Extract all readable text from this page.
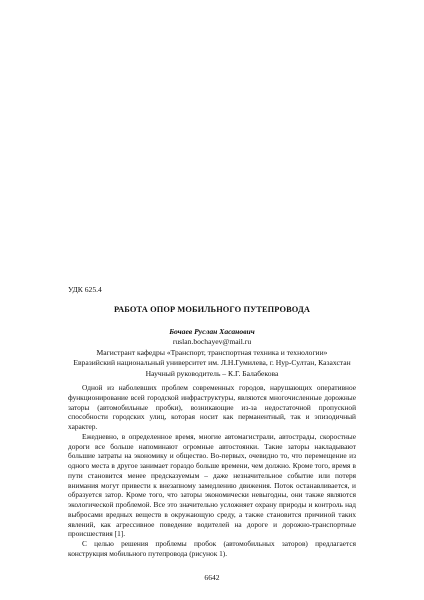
УДК 625.4
РАБОТА ОПОР МОБИЛЬНОГО ПУТЕПРОВОДА
Бочаев Руслан Хасанович
ruslan.bochayev@mail.ru
Магистрант кафедры «Транспорт, транспортная техника и технологии»
Евразийский национальный университет им. Л.Н.Гумилева, г. Нур-Султан, Казахстан
Научный руководитель – К.Г. Балабекова

Одной из наболевших проблем современных городов, нарушающих оперативное функционирование всей городской инфраструктуры, являются многочисленные дорожные заторы (автомобильные пробки), возникающие из-за недостаточной пропускной способности городских улиц, которая носит как перманентный, так и эпизодичный характер.

Ежедневно, в определенное время, многие автомагистрали, автострады, скоростные дороги все больше напоминают огромные автостоянки. Такие заторы накладывают большие затраты на экономику и общество. Во-первых, очевидно то, что перемещение из одного места в другое занимает гораздо больше времени, чем должно. Кроме того, время в пути становится менее предсказуемым – даже незначительное событие или потеря внимания могут привести к внезапному замедлению движения. Поток останавливается, и образуется затор. Кроме того, что заторы экономически невыгодны, они также являются экологической проблемой. Все это значительно усложняет охрану природы и контроль над выбросами вредных веществ в окружающую среду, а также становится причиной таких явлений, как агрессивное поведение водителей на дороге и дорожно-транспортные происшествия [1].

С целью решения проблемы пробок (автомобильных заторов) предлагается конструкция мобильного путепровода (рисунок 1).

6642
